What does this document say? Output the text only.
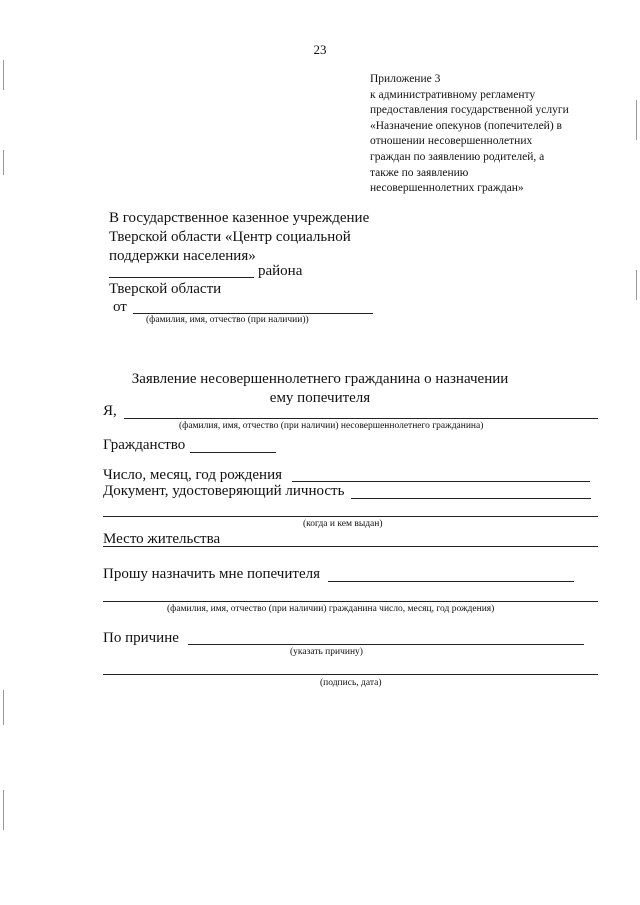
23
Приложение 3
к административному регламенту
предоставления государственной услуги
«Назначение опекунов (попечителей) в
отношении несовершеннолетних
граждан по заявлению родителей, а
также по заявлению
несовершеннолетних граждан»
В государственное казенное учреждение
Тверской области «Центр социальной
поддержки населения»
района
Тверской области
от
(фамилия, имя, отчество (при наличии))
Заявление несовершеннолетнего гражданина о назначении
ему попечителя
Я,
(фамилия, имя, отчество (при наличии) несовершеннолетнего гражданина)
Гражданство
Число, месяц, год рождения
Документ, удостоверяющий личность
(когда и кем выдан)
Место жительства
Прошу назначить мне попечителя
(фамилия, имя, отчество (при наличии) гражданина число, месяц, год рождения)
По причине
(указать причину)
(подпись, дата)
